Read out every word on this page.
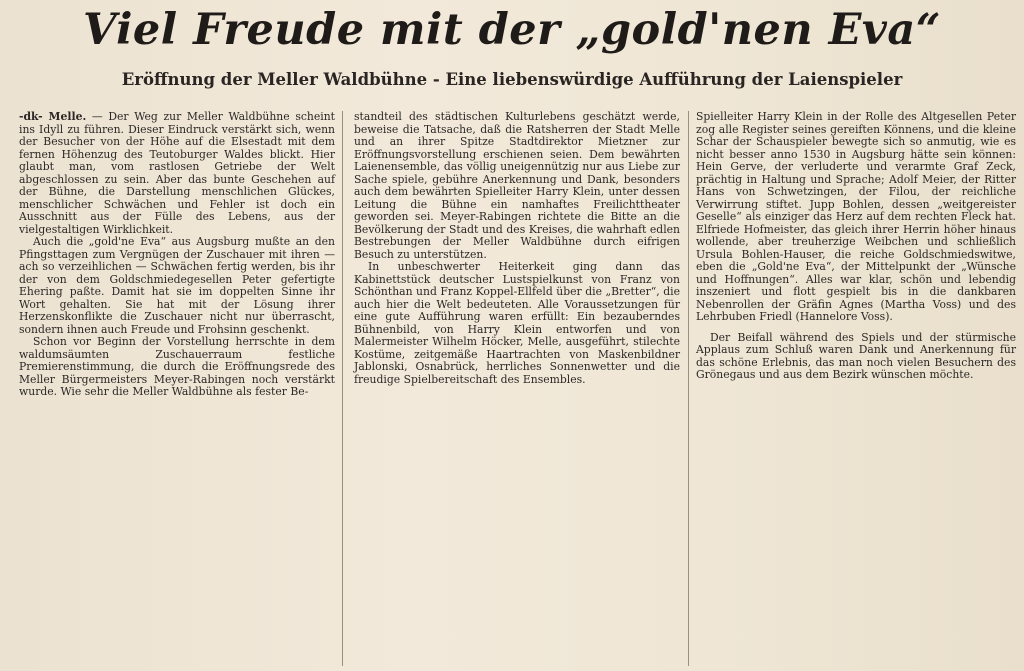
Viel Freude mit der „gold'nen Eva“
Eröffnung der Meller Waldbühne - Eine liebenswürdige Aufführung der Laienspieler

-dk- Melle. — Der Weg zur Meller Waldbühne scheint ins Idyll zu führen. Dieser Eindruck verstärkt sich, wenn der Besucher von der Höhe auf die Elsestadt mit dem fernen Höhenzug des Teutoburger Waldes blickt. Hier glaubt man, vom rastlosen Getriebe der Welt abgeschlossen zu sein. Aber das bunte Geschehen auf der Bühne, die Darstellung menschlichen Glückes, menschlicher Schwächen und Fehler ist doch ein Ausschnitt aus der Fülle des Lebens, aus der vielgestaltigen Wirklichkeit.

Auch die „gold'ne Eva“ aus Augsburg mußte an den Pfingsttagen zum Vergnügen der Zuschauer mit ihren — ach so verzeihlichen — Schwächen fertig werden, bis ihr der von dem Goldschmiedegesellen Peter gefertigte Ehering paßte. Damit hat sie im doppelten Sinne ihr Wort gehalten. Sie hat mit der Lösung ihrer Herzenskonflikte die Zuschauer nicht nur überrascht, sondern ihnen auch Freude und Frohsinn geschenkt.

Schon vor Beginn der Vorstellung herrschte in dem waldumsäumten Zuschauerraum festliche Premierenstimmung, die durch die Eröffnungsrede des Meller Bürgermeisters Meyer-Rabingen noch verstärkt wurde. Wie sehr die Meller Waldbühne als fester Be-

standteil des städtischen Kulturlebens geschätzt werde, beweise die Tatsache, daß die Ratsherren der Stadt Melle und an ihrer Spitze Stadtdirektor Mietzner zur Eröffnungsvorstellung erschienen seien. Dem bewährten Laienensemble, das völlig uneigennützig nur aus Liebe zur Sache spiele, gebühre Anerkennung und Dank, besonders auch dem bewährten Spielleiter Harry Klein, unter dessen Leitung die Bühne ein namhaftes Freilichttheater geworden sei. Meyer-Rabingen richtete die Bitte an die Bevölkerung der Stadt und des Kreises, die wahrhaft edlen Bestrebungen der Meller Waldbühne durch eifrigen Besuch zu unterstützen.

In unbeschwerter Heiterkeit ging dann das Kabinettstück deutscher Lustspielkunst von Franz von Schönthan und Franz Koppel-Ellfeld über die „Bretter“, die auch hier die Welt bedeuteten. Alle Voraussetzungen für eine gute Aufführung waren erfüllt: Ein bezauberndes Bühnenbild, von Harry Klein entworfen und von Malermeister Wilhelm Höcker, Melle, ausgeführt, stilechte Kostüme, zeitgemäße Haartrachten von Maskenbildner Jablonski, Osnabrück, herrliches Sonnenwetter und die freudige Spielbereitschaft des Ensembles.

Spielleiter Harry Klein in der Rolle des Altgesellen Peter zog alle Register seines gereiften Könnens, und die kleine Schar der Schauspieler bewegte sich so anmutig, wie es nicht besser anno 1530 in Augsburg hätte sein können: Hein Gerve, der verluderte und verarmte Graf Zeck, prächtig in Haltung und Sprache; Adolf Meier, der Ritter Hans von Schwetzingen, der Filou, der reichliche Verwirrung stiftet. Jupp Bohlen, dessen „weitgereister Geselle“ als einziger das Herz auf dem rechten Fleck hat. Elfriede Hofmeister, das gleich ihrer Herrin höher hinaus wollende, aber treuherzige Weibchen und schließlich Ursula Bohlen-Hauser, die reiche Goldschmiedswitwe, eben die „Gold'ne Eva“, der Mittelpunkt der „Wünsche und Hoffnungen“. Alles war klar, schön und lebendig inszeniert und flott gespielt bis in die dankbaren Nebenrollen der Gräfin Agnes (Martha Voss) und des Lehrbuben Friedl (Hannelore Voss).

Der Beifall während des Spiels und der stürmische Applaus zum Schluß waren Dank und Anerkennung für das schöne Erlebnis, das man noch vielen Besuchern des Grönegaus und aus dem Bezirk wünschen möchte.
